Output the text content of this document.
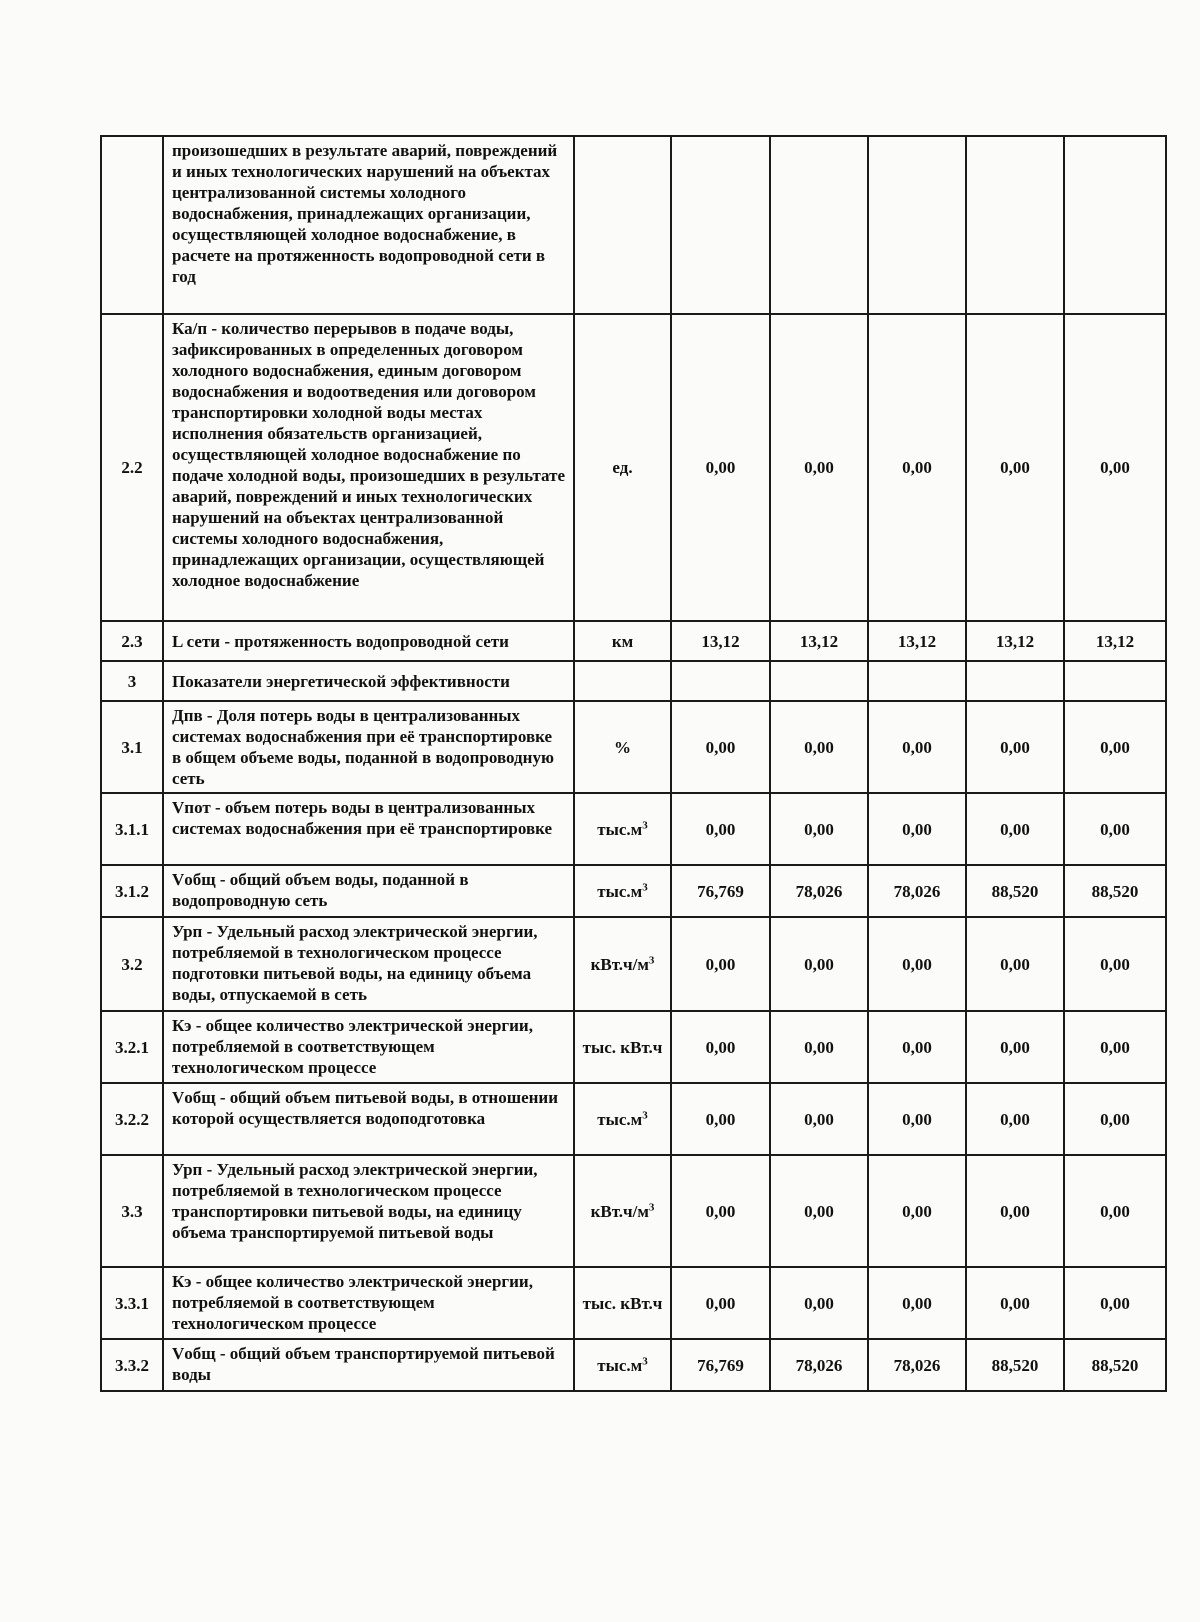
	произошедших в результате аварий, повреждений и иных технологических нарушений на объектах централизованной системы холодного водоснабжения, принадлежащих организации, осуществляющей холодное водоснабжение, в расчете на протяженность водопроводной сети в год						
2.2	Ка/п - количество перерывов в подаче воды, зафиксированных в определенных договором холодного водоснабжения, единым договором водоснабжения и водоотведения или договором транспортировки холодной воды местах исполнения обязательств организацией, осуществляющей холодное водоснабжение по подаче холодной воды, произошедших в результате аварий, повреждений и иных технологических нарушений на объектах централизованной системы холодного водоснабжения, принадлежащих организации, осуществляющей холодное водоснабжение	ед.	0,00	0,00	0,00	0,00	0,00
2.3	L сети - протяженность водопроводной сети	км	13,12	13,12	13,12	13,12	13,12
3	Показатели энергетической эффективности						
3.1	Дпв - Доля потерь воды в централизованных системах водоснабжения при её транспортировке в общем объеме воды, поданной в водопроводную сеть	%	0,00	0,00	0,00	0,00	0,00
3.1.1	Vпот - объем потерь воды в централизованных системах водоснабжения при её транспортировке	$тыс.м^3$	0,00	0,00	0,00	0,00	0,00
3.1.2	Vобщ - общий объем воды, поданной в водопроводную сеть	$тыс.м^3$	76,769	78,026	78,026	88,520	88,520
3.2	Урп - Удельный расход электрической энергии, потребляемой в технологическом процессе подготовки питьевой воды, на единицу объема воды, отпускаемой в сеть	$кВт.ч/м^3$	0,00	0,00	0,00	0,00	0,00
3.2.1	Кэ - общее количество электрической энергии, потребляемой в соответствующем технологическом процессе	тыс. кВт.ч	0,00	0,00	0,00	0,00	0,00
3.2.2	Vобщ - общий объем питьевой воды, в отношении которой осуществляется водоподготовка	$тыс.м^3$	0,00	0,00	0,00	0,00	0,00
3.3	Урп - Удельный расход электрической энергии, потребляемой в технологическом процессе транспортировки питьевой воды, на единицу объема транспортируемой питьевой воды	$кВт.ч/м^3$	0,00	0,00	0,00	0,00	0,00
3.3.1	Кэ - общее количество электрической энергии, потребляемой в соответствующем технологическом процессе	тыс. кВт.ч	0,00	0,00	0,00	0,00	0,00
3.3.2	Vобщ - общий объем транспортируемой питьевой воды	$тыс.м^3$	76,769	78,026	78,026	88,520	88,520
